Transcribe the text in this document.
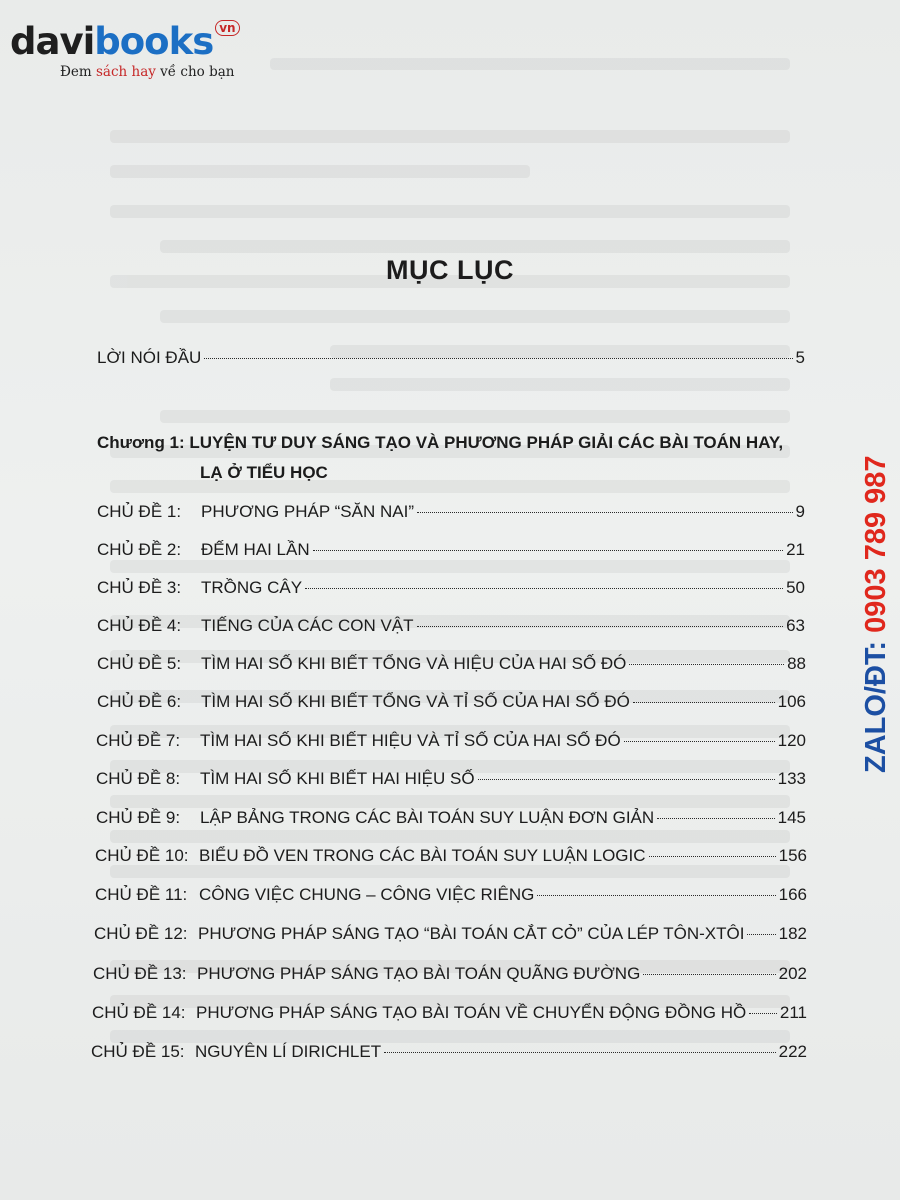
davibooks $^{vn}$
Đem sách hay về cho bạn
MỤC LỤC
LỜI NÓI ĐẦU	5
Chương 1: LUYỆN TƯ DUY SÁNG TẠO VÀ PHƯƠNG PHÁP GIẢI CÁC BÀI TOÁN HAY,
LẠ Ở TIỂU HỌC
CHỦ ĐỀ 1:	PHƯƠNG PHÁP “SĂN NAI”	9
CHỦ ĐỀ 2:	ĐẾM HAI LẦN	21
CHỦ ĐỀ 3:	TRỒNG CÂY	50
CHỦ ĐỀ 4:	TIẾNG CỦA CÁC CON VẬT	63
CHỦ ĐỀ 5:	TÌM HAI SỐ KHI BIẾT TỔNG VÀ HIỆU CỦA HAI SỐ ĐÓ	88
CHỦ ĐỀ 6:	TÌM HAI SỐ KHI BIẾT TỔNG VÀ TỈ SỐ CỦA HAI SỐ ĐÓ	106
CHỦ ĐỀ 7:	TÌM HAI SỐ KHI BIẾT HIỆU VÀ TỈ SỐ CỦA HAI SỐ ĐÓ	120
CHỦ ĐỀ 8:	TÌM HAI SỐ KHI BIẾT HAI HIỆU SỐ	133
CHỦ ĐỀ 9:	LẬP BẢNG TRONG CÁC BÀI TOÁN SUY LUẬN ĐƠN GIẢN	145
CHỦ ĐỀ 10: BIỂU ĐỒ VEN TRONG CÁC BÀI TOÁN SUY LUẬN LOGIC	156
CHỦ ĐỀ 11: CÔNG VIỆC CHUNG – CÔNG VIỆC RIÊNG	166
CHỦ ĐỀ 12: PHƯƠNG PHÁP SÁNG TẠO “BÀI TOÁN CẮT CỎ” CỦA LÉP TÔN-XTÔI 182
CHỦ ĐỀ 13: PHƯƠNG PHÁP SÁNG TẠO BÀI TOÁN QUÃNG ĐƯỜNG	202
CHỦ ĐỀ 14: PHƯƠNG PHÁP SÁNG TẠO BÀI TOÁN VỀ CHUYỂN ĐỘNG ĐỒNG HỒ 211
CHỦ ĐỀ 15: NGUYÊN LÍ DIRICHLET	222
ZALO/ĐT: 0903 789 987
